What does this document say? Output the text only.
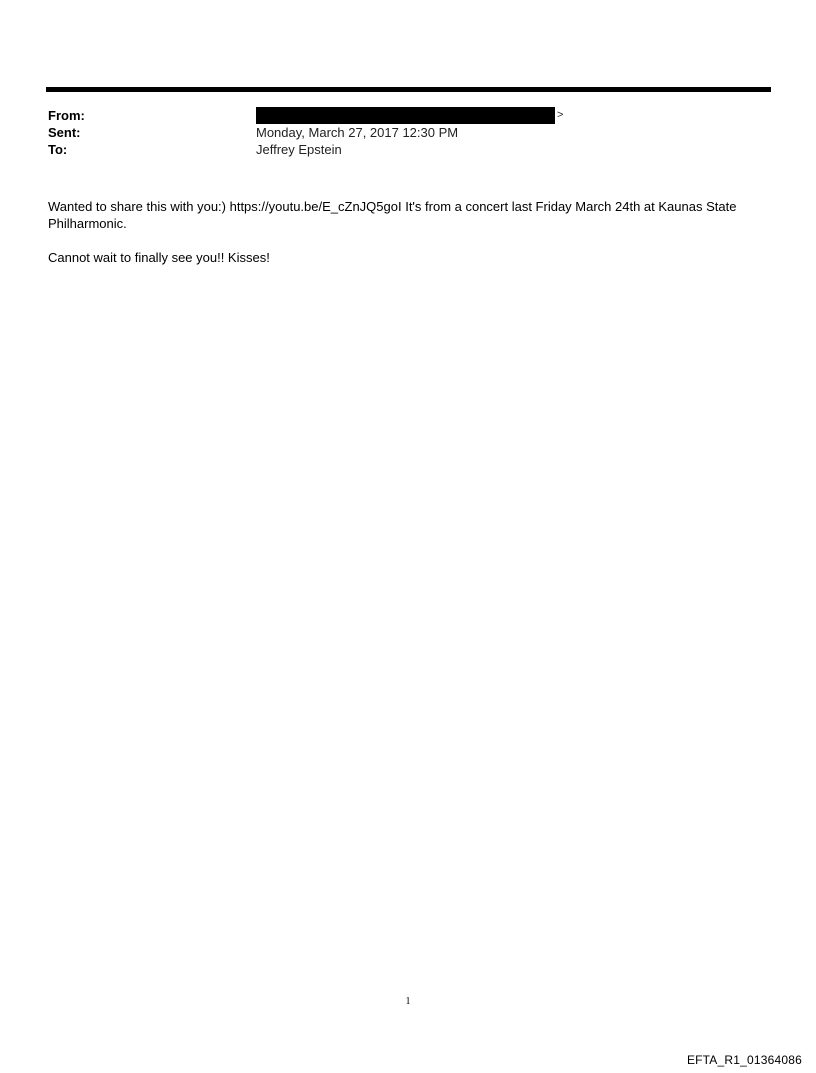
From:	>
Sent:	Monday, March 27, 2017 12:30 PM
To:	Jeffrey Epstein

Wanted to share this with you:) https://youtu.be/E_cZnJQ5goI It's from a concert last Friday March 24th at Kaunas State Philharmonic.

Cannot wait to finally see you!! Kisses!

1
EFTA_R1_01364086
